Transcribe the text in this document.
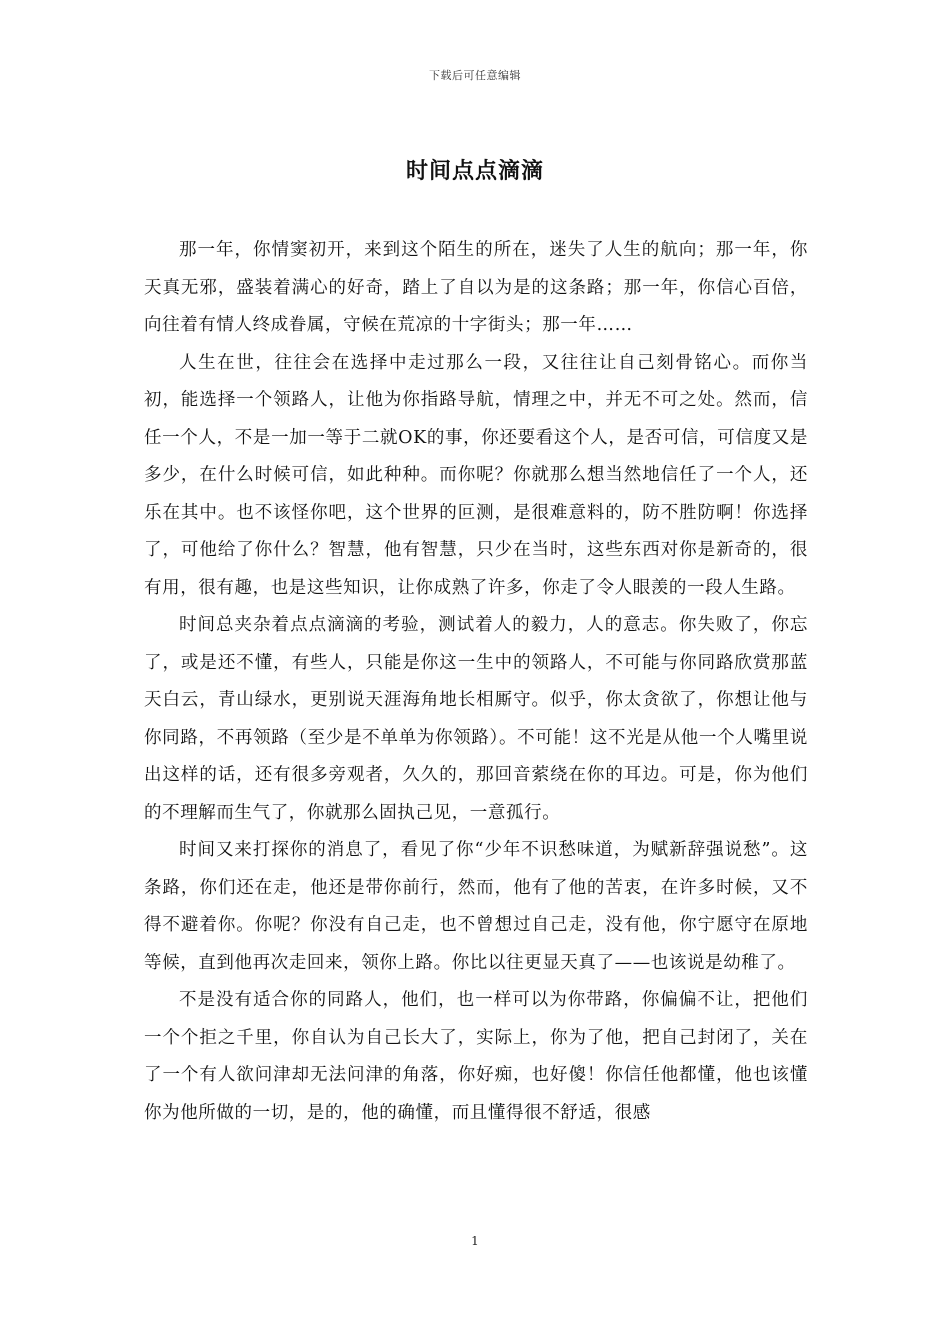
下载后可任意编辑
时间点点滴滴

那一年，你情窦初开，来到这个陌生的所在，迷失了人生的航向；那一年，你天真无邪，盛装着满心的好奇，踏上了自以为是的这条路；那一年，你信心百倍，向往着有情人终成眷属，守候在荒凉的十字街头；那一年……

人生在世，往往会在选择中走过那么一段，又往往让自己刻骨铭心。而你当初，能选择一个领路人，让他为你指路导航，情理之中，并无不可之处。然而，信任一个人，不是一加一等于二就OK的事，你还要看这个人，是否可信，可信度又是多少，在什么时候可信，如此种种。而你呢？你就那么想当然地信任了一个人，还乐在其中。也不该怪你吧，这个世界的叵测，是很难意料的，防不胜防啊！你选择了，可他给了你什么？智慧，他有智慧，只少在当时，这些东西对你是新奇的，很有用，很有趣，也是这些知识，让你成熟了许多，你走了令人眼羡的一段人生路。

时间总夹杂着点点滴滴的考验，测试着人的毅力，人的意志。你失败了，你忘了，或是还不懂，有些人，只能是你这一生中的领路人，不可能与你同路欣赏那蓝天白云，青山绿水，更别说天涯海角地长相厮守。似乎，你太贪欲了，你想让他与你同路，不再领路（至少是不单单为你领路）。不可能！这不光是从他一个人嘴里说出这样的话，还有很多旁观者，久久的，那回音萦绕在你的耳边。可是，你为他们的不理解而生气了，你就那么固执己见，一意孤行。

时间又来打探你的消息了，看见了你“少年不识愁味道，为赋新辞强说愁”。这条路，你们还在走，他还是带你前行，然而，他有了他的苦衷，在许多时候，又不得不避着你。你呢？你没有自己走，也不曾想过自己走，没有他，你宁愿守在原地等候，直到他再次走回来，领你上路。你比以往更显天真了——也该说是幼稚了。

不是没有适合你的同路人，他们，也一样可以为你带路，你偏偏不让，把他们一个个拒之千里，你自认为自己长大了，实际上，你为了他，把自己封闭了，关在了一个有人欲问津却无法问津的角落，你好痴，也好傻！你信任他都懂，他也该懂你为他所做的一切，是的，他的确懂，而且懂得很不舒适，很感

1
